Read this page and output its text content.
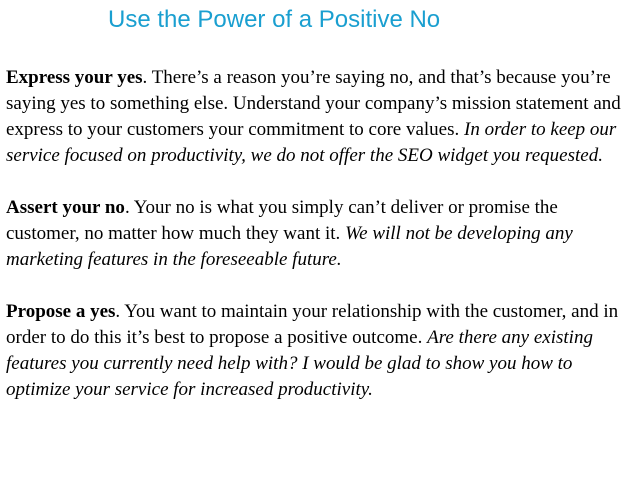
Use the Power of a Positive No

Express your yes. There’s a reason you’re saying no, and that’s because you’re saying yes to something else. Understand your company’s mission statement and express to your customers your commitment to core values. In order to keep our service focused on productivity, we do not offer the SEO widget you requested.

Assert your no. Your no is what you simply can’t deliver or promise the customer, no matter how much they want it. We will not be developing any marketing features in the foreseeable future.

Propose a yes. You want to maintain your relationship with the customer, and in order to do this it’s best to propose a positive outcome. Are there any existing features you currently need help with? I would be glad to show you how to optimize your service for increased productivity.
